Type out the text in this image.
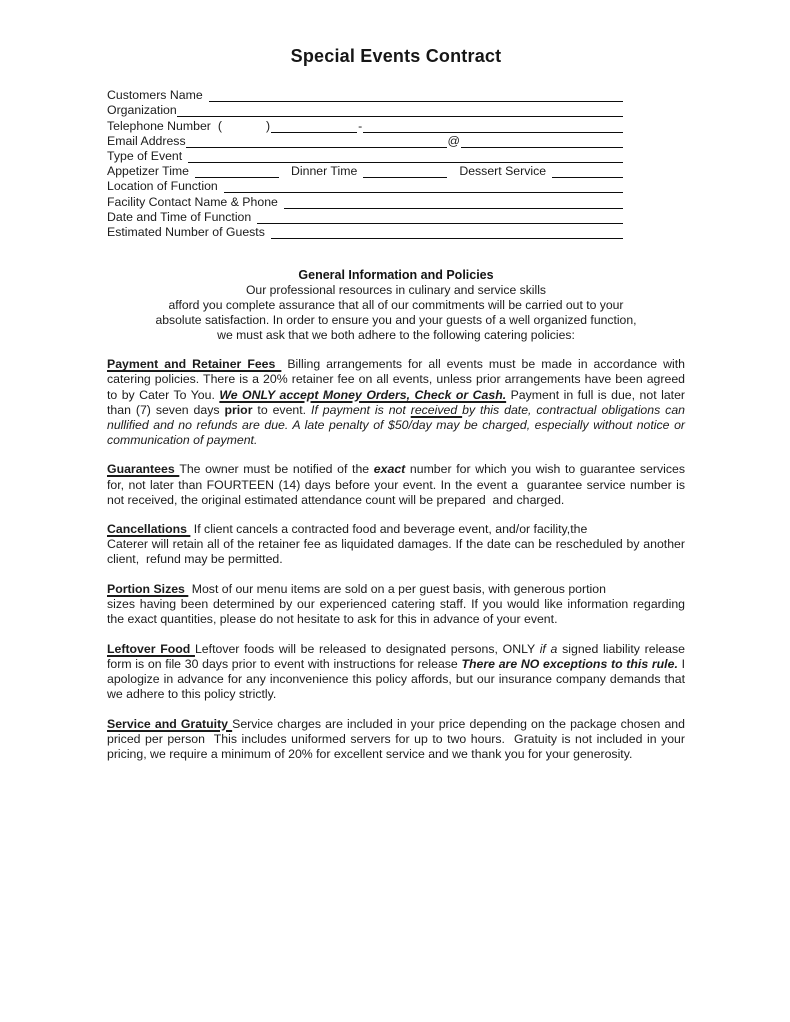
Special Events Contract
Customers Name
Organization
Telephone Number (	)	-
Email Address	@
Type of Event
Appetizer Time	Dinner Time	Dessert Service
Location of Function
Facility Contact Name & Phone
Date and Time of Function
Estimated Number of Guests
General Information and Policies
Our professional resources in culinary and service skills
afford you complete assurance that all of our commitments will be carried out to your
absolute satisfaction. In order to ensure you and your guests of a well organized function,
we must ask that we both adhere to the following catering policies:

Payment and Retainer Fees  Billing arrangements for all events must be made in accordance with catering policies. There is a 20% retainer fee on all events, unless prior arrangements have been agreed to by Cater To You. We ONLY accept Money Orders, Check or Cash. Payment in full is due, not later than (7) seven days prior to event. If payment is not received by this date, contractual obligations can nullified and no refunds are due. A late penalty of $50/day may be charged, especially without notice or communication of payment.

Guarantees The owner must be notified of the exact number for which you wish to guarantee services for, not later than FOURTEEN (14) days before your event. In the event a  guarantee service number is not received, the original estimated attendance count will be prepared  and charged.

Cancellations  If client cancels a contracted food and beverage event, and/or facility,the
Caterer will retain all of the retainer fee as liquidated damages. If the date can be rescheduled by another client,  refund may be permitted.

Portion Sizes  Most of our menu items are sold on a per guest basis, with generous portion
sizes having been determined by our experienced catering staff. If you would like information regarding the exact quantities, please do not hesitate to ask for this in advance of your event.

Leftover Food Leftover foods will be released to designated persons, ONLY if a signed liability release form is on file 30 days prior to event with instructions for release There are NO exceptions to this rule. I apologize in advance for any inconvenience this policy affords, but our insurance company demands that we adhere to this policy strictly.

Service and Gratuity Service charges are included in your price depending on the package chosen and priced per person  This includes uniformed servers for up to two hours.  Gratuity is not included in your pricing, we require a minimum of 20% for excellent service and we thank you for your generosity.
